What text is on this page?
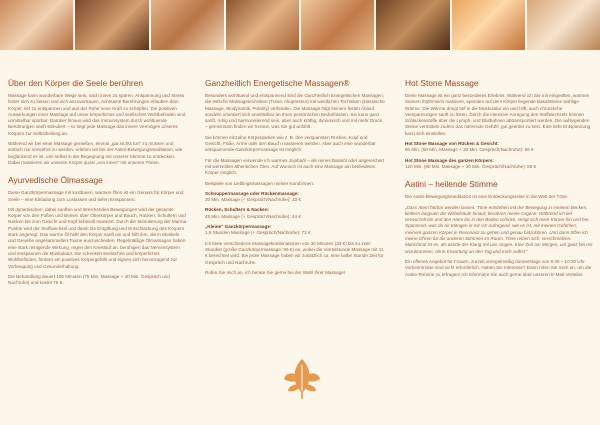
Über den Körper die Seele berühren

Massage kann wunderbare Wege sein, nach innen zu spüren, Anspannung und Stress hinter sich zu lassen und sich anzuvertrauen. Achtsame Berührungen erlauben dem Körper, tief zu entspannen und aus der Ruhe neue Kraft zu schöpfen. Die positiven Auswirkungen einer Massage auf unser körperliches und seelisches Wohlbefinden sind unmittelbar spürbar. Darüber hinaus wird das Immunsystem durch wohltuende Berührungen sanft stimuliert – so tiegt jede Massage das innere Vermögen unseres Körpers zur Selbstheilung an.

Während wir bei einer Massage genießen, einmal „gar nichts tun“ zu müssen und einfach nur verwöhnt zu werden, erleben wir bei der Aatini-Bewegungsmeditation, wie beglückend es ist, uns selbst in der Begegnung mit unserer Stimme zu entdecken. Dabei massieren wir unseren Körper quasi „von innen“ mit unseren Tönen.

Ayurvedische Ölmassage

Diese Ganzkörpermassage mit kostbaren, warmen Ölen ist ein Genuss für Körper und Seele – eine Einladung zum Loslassen und tiefen Entspannen.

Mit dynamischen, dabei sanften und streichenden Bewegungen wird der gesamte Körper von den Füßen und Beinen über Oberkörper und Bauch, Rücken, Schultern und Nacken bis zum Gesicht und Kopf liebevoll massiert. Durch die Stimulierung der Marma-Punkte wird der Stoffwechsel und damit die Entgiftung und Entschlackung des Körpers stark angeregt. Das warme Öl hüllt den Körper sanft ein und hilft ihm, die in Muskeln und Gewebe angesammelten Toxine auszuscheiden. Regelmäßige Ölmassagen haben eine stark reinigende Wirkung, regen den Kreislauf an, beruhigen das Nervensystem und entspannen die Muskulatur. Sie schenken seelisches und körperliches Wohlbefinden, fördern ein positives Körpergefühl und eignen sich hervorragend zur Vorbeugung und Gesunderhaltung.

Die Behandlung dauert 105 Minuten (75 Min. Massage + 30 Min. Gespräch und Nachruhe) und kostet 75 €.

Ganzheitlich Energetische Massagen®

Besonders wohltuend und entspannend sind die Ganzheitlich Energetischen Massagen, die östliche Massagetechniken (Tuina, Akupressur) mit westlichen Techniken (klassische Massage, Biodynamik, Polarity) verbinden. Die Massage folgt keinem festen Ablauf, sondern orientiert sich unmittelbar an Ihren persönlichen Bedürfnissen. Sie kann ganz sanft, ruhig und harmonisierend sein, aber auch kräftig, dynamisch und mit mehr Druck – gemeinsam finden wir heraus, was Sie gut anfühlt.

Sie können einzelne Körperpartien wie z. B. den verspannten Rücken, Kopf und Gesicht, Füße, Arme oder den Bauch massieren werden. Aber auch eine wunderbar entspannende Ganzkörpermassage ist möglich.

Für die Massagen verwende ich warmes Jojobaöl – als reines Basisöl oder angereichert mit wertvollen ätherischen Ölen. Auf Wunsch ist auch eine Massage am bekleideten Körper möglich.

Beispiele von Lieblingsmassagen meiner Kund:innen:

Schnuppermassage oder Rückenmassage:

30 Min. Massage (+ Gespräch/Nachruhe): 33 €

Rücken, Schultern & Nacken:

45 Min. Massage (+ Gespräch/Nachruhe): 44 €

„Kleine“ Ganzkörpermassage:

1,5 Stunden Massage (+ Gespräch/Nachruhe): 72 €

Ich biete verschiedene Massagekombinationen von 30 Minuten (33 €) bis zu zwei Stunden (große Ganzkörpermassage: 99 €) an, wobei die Viertelstunde Massage mit 11 € berechnet wird. Bei jeder Massage haben wir zusätzlich ca. eine halbe Stunde Zeit für Gespräch und Nachruhe.

Rufen Sie mich an, ich berate Sie gerne bei der Wahl Ihrer Massage!

Hot Stone Massage

Diese Massage ist ein ganz besonderes Erlebnis. Während ich Sie mit eingeölten, warmen Steinen rhythmisch massiere, spenden auf dem Körper liegende Basaltsteine wohlige Wärme. Die Wärme dringt tief in die Muskulatur ein und hilft, auch chronische Verspannungen sanft zu lösen. Durch die intensive Anregung des Stoffwechsels können Schlackenstoffe über die Lymph- und Blutbahnen abtransportiert werden. Die aufliegenden Steine vermitteln zudem das nährende Gefühl, gut geerdet zu sein. Eine tiefe Entspannung kann sich einstellen.

Hot Stone Massage von Rücken & Gesicht:

90 Min. (60 Min. Massage + 30 Min. Gespräch/Nachruhe): 69 €

Hot Stone Massage des ganzen Körpers:

120 Min. (90 Min. Massage + 30 Min. Gespräch/Nachruhe): 89 €

Aatini – heilende Stimme

Die Aatini-Bewegungsmeditation ist eine Entdeckungsreise in die Welt der Töne.

„Dass Atem hörbar werden lassen. Töne entstehen mit der Bewegung in meinem Becken, klettern langsam die Wirbelsäule hinauf, berühren meine Organe. Während ich tief verwurzelt bin und den Atem bis in den Boden schicke, steigt sich mein Körper hin und her. Spannend, was da an Klängen in mir ist! Aufregend, wie es ist, mit meinen Gefühlen, meinem ganzen Körper in Resonanz zu gehen und genau hinzuhören. Und dann öffne ich meine Ohren für die anderen Stimmen im Raum. Töne reiben sich, verschmelzen. Manchmal ist es, als würde der Klang mit uns singen. Eine Zeit am Morgen, um ganz bei mir anzukommen, ohne Erwartung an den Tag und mich selbst.“

Ein offenes Angebot für Frauen, zurzeit unregelmäßig donnerstags von 9.30 – 10.30 Uhr. Vorkenntnisse sind nicht erforderlich. Haben Sie Interesse? Dann rufen Sie mich an, um die Aatini-Termine zu erfragen! Ich informiere Sie auch gerne über unseren E-Mail-Verteiler.
